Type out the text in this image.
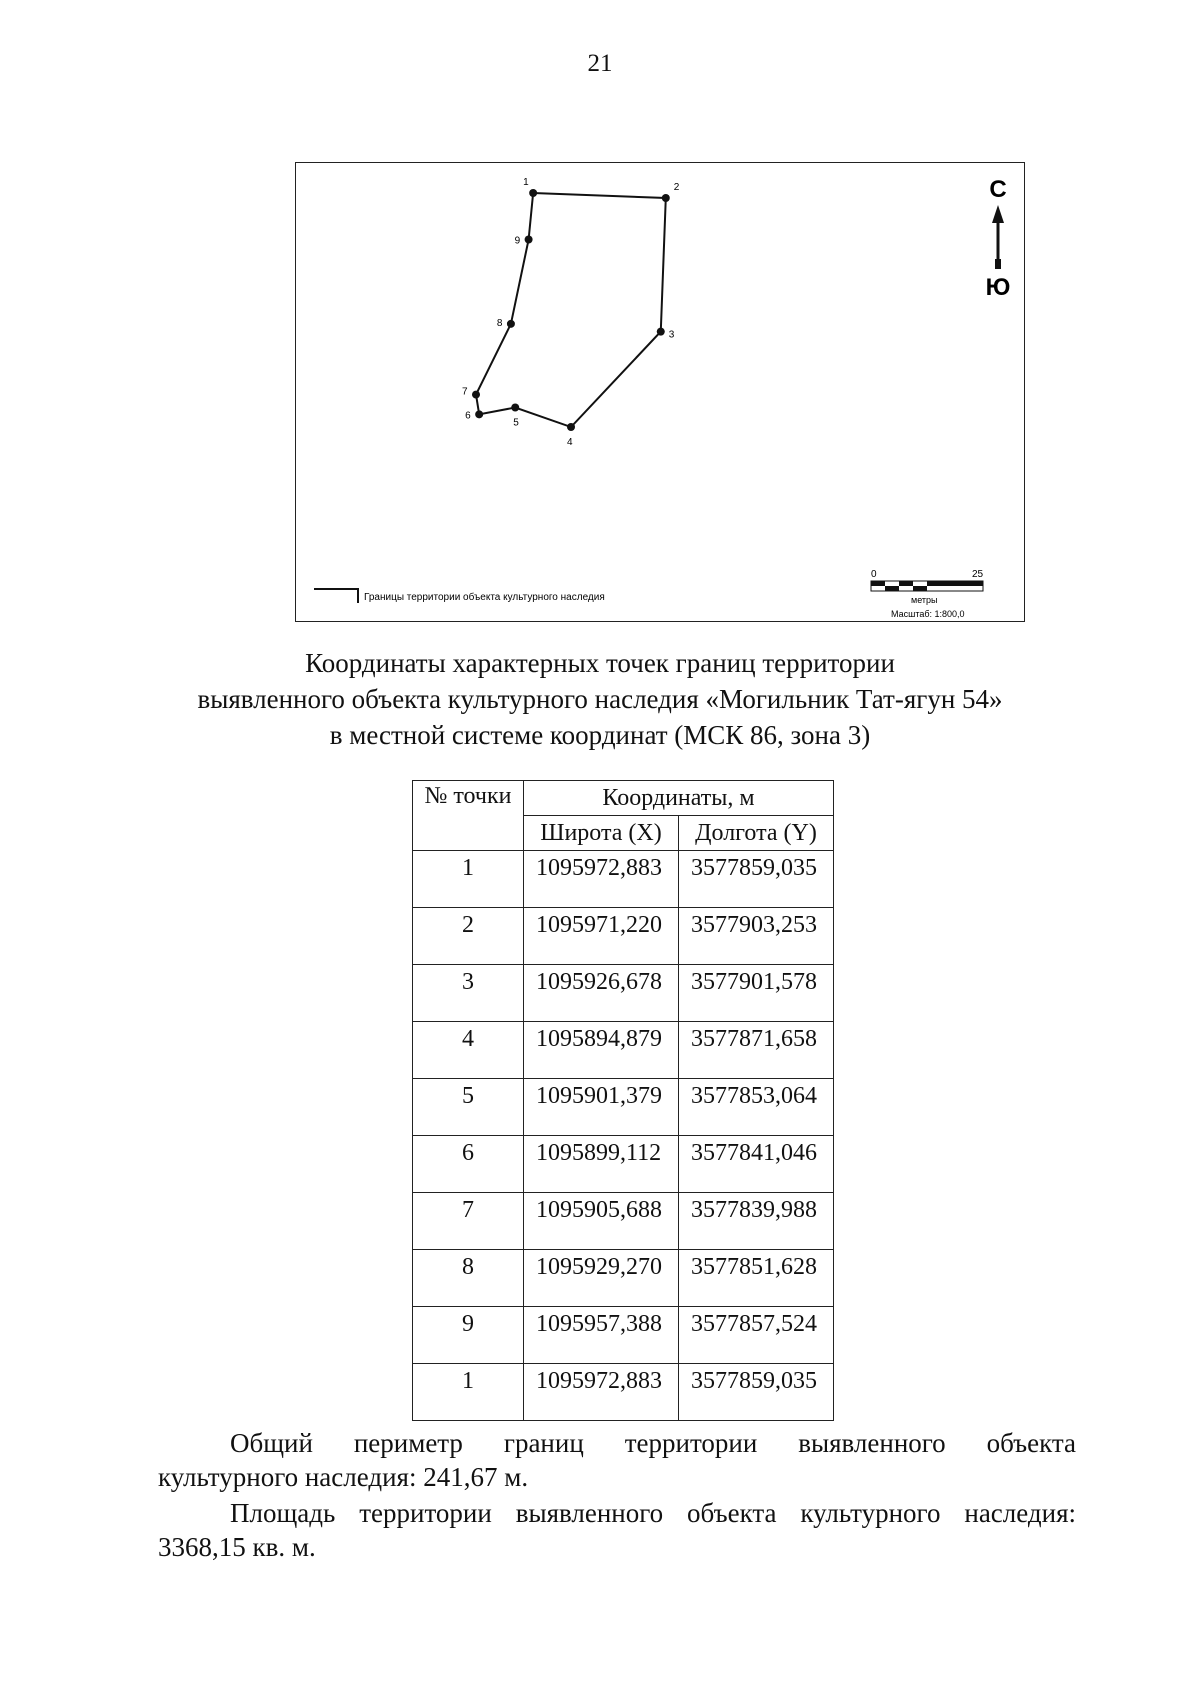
21
1	2
3
4
5
6
7
8
9
С
Ю
Границы территории объекта культурного наследия
0	25
метры
Масштаб: 1:800,0
Координаты характерных точек границ территории
выявленного объекта культурного наследия «Могильник Тат-ягун 54»
в местной системе координат (МСК 86, зона 3)
№ точки	Координаты, м	
	Широта (X)	Долгота (Y)
1	1095972,883	3577859,035
2	1095971,220	3577903,253
3	1095926,678	3577901,578
4	1095894,879	3577871,658
5	1095901,379	3577853,064
6	1095899,112	3577841,046
7	1095905,688	3577839,988
8	1095929,270	3577851,628
9	1095957,388	3577857,524
1	1095972,883	3577859,035
Общий периметр границ территории выявленного объекта
культурного наследия: 241,67 м.
Площадь территории выявленного объекта культурного наследия:
3368,15 кв. м.
